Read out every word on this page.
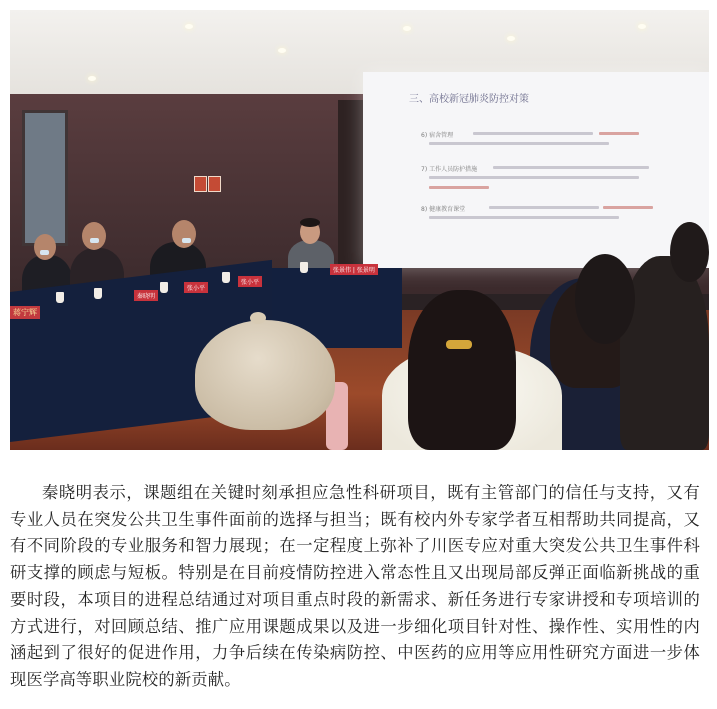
三、高校新冠肺炎防控对策
6) 宿舍管理
7) 工作人员防护措施
8) 健康教育课堂
张景伟 | 张景明
蒋宁辉
秦晓明
张小平
张小平

秦晓明表示，课题组在关键时刻承担应急性科研项目，既有主管部门的信任与支持，又有专业人员在突发公共卫生事件面前的选择与担当；既有校内外专家学者互相帮助共同提高，又有不同阶段的专业服务和智力展现；在一定程度上弥补了川医专应对重大突发公共卫生事件科研支撑的顾虑与短板。特别是在目前疫情防控进入常态性且又出现局部反弹正面临新挑战的重要时段，本项目的进程总结通过对项目重点时段的新需求、新任务进行专家讲授和专项培训的方式进行，对回顾总结、推广应用课题成果以及进一步细化项目针对性、操作性、实用性的内涵起到了很好的促进作用，力争后续在传染病防控、中医药的应用等应用性研究方面进一步体现医学高等职业院校的新贡献。
